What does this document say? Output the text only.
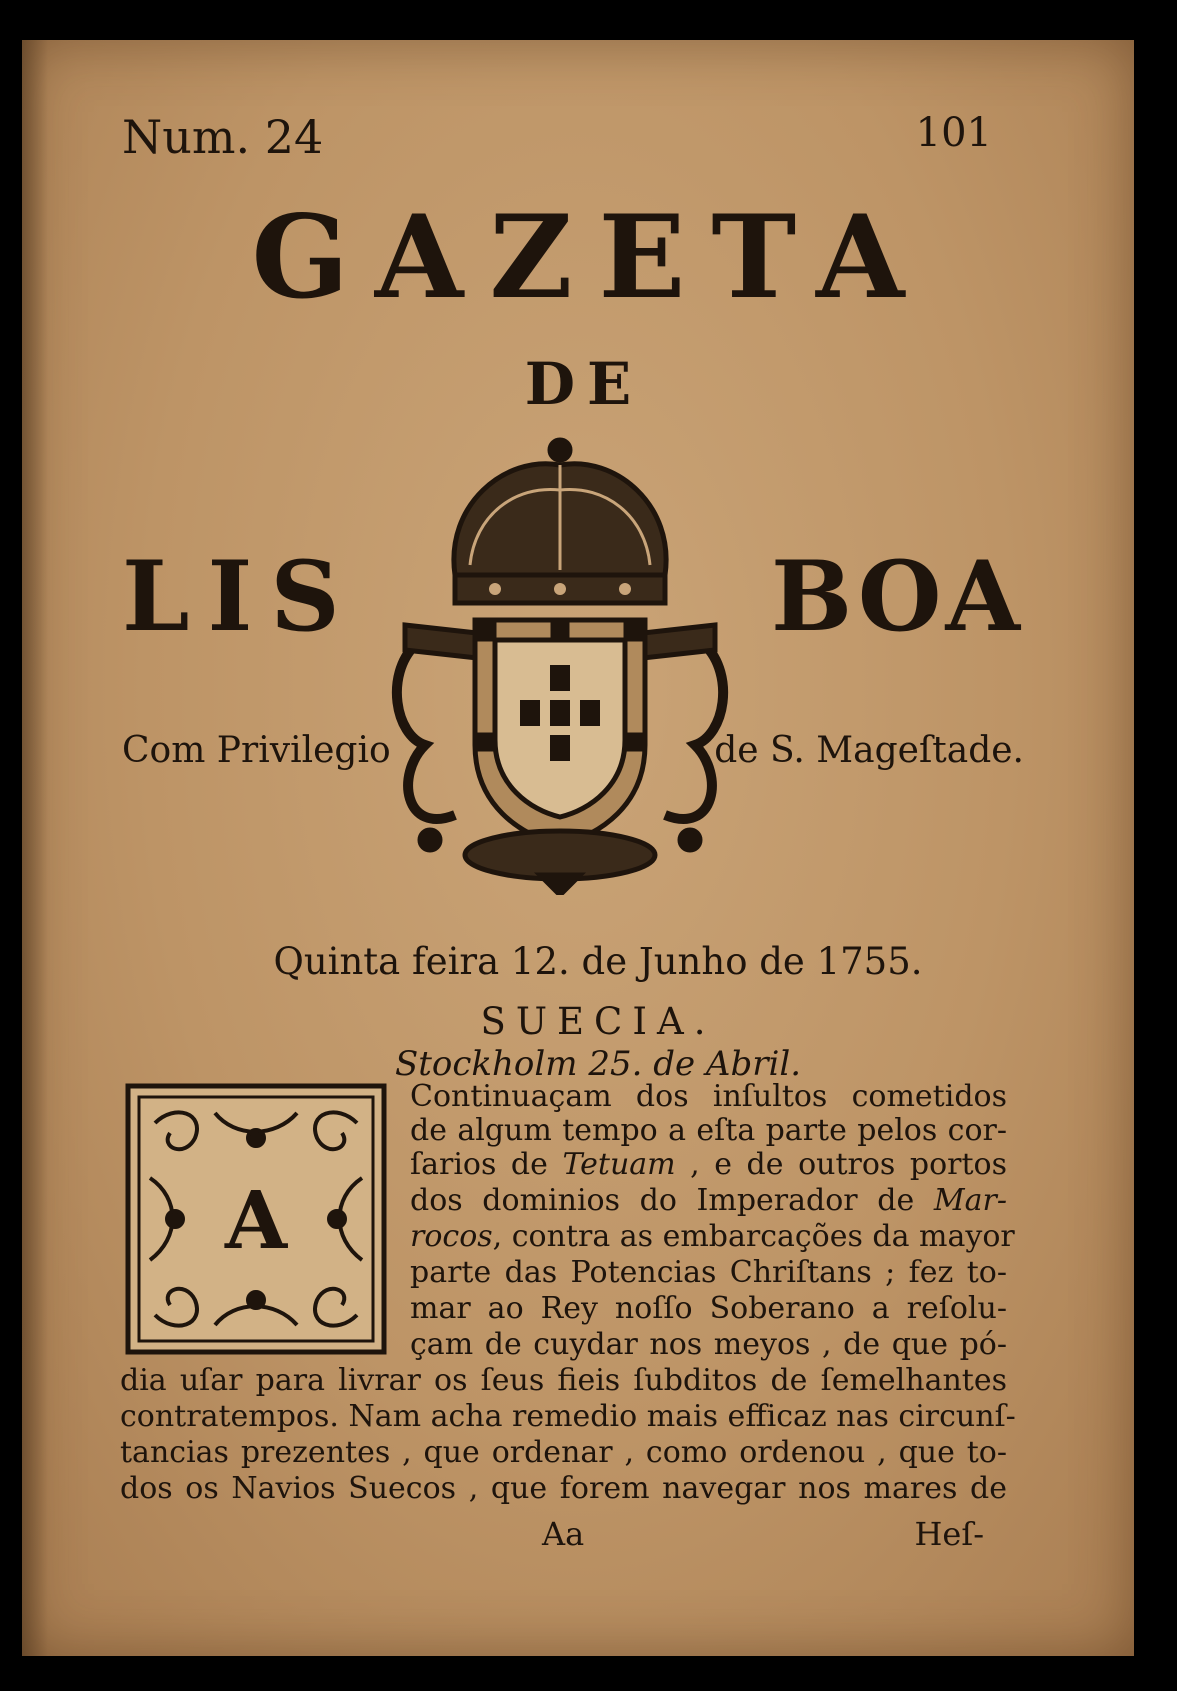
Num. 24	101

GAZETA
DE
LIS	BOA

Com Privilegio	de S. Mageſtade.

Quinta feira 12. de Junho de 1755.

SUECIA.

Stockholm 25. de Abril.

A

Continuaçam dos inſultos cometidos

de algum tempo a eſta parte pelos cor-

ſarios de Tetuam , e de outros portos

dos dominios do Imperador de Mar-

rocos, contra as embarcações da mayor

parte das Potencias Chriſtans ; fez to-

mar ao Rey noſſo Soberano a reſolu-

çam de cuydar nos meyos , de que pó-

dia uſar para livrar os ſeus fieis ſubditos de ſemelhantes

contratempos. Nam acha remedio mais efficaz nas circunſ-

tancias prezentes , que ordenar , como ordenou , que to-

dos os Navios Suecos , que forem navegar nos mares de

Aa	Heſ-
